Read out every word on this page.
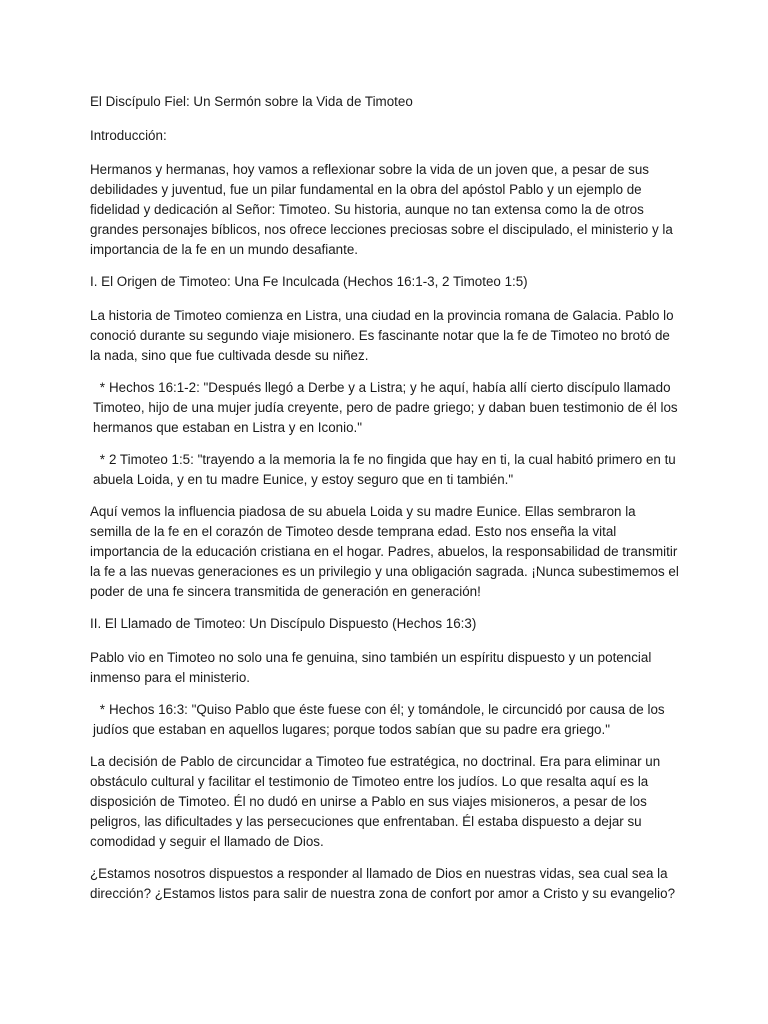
El Discípulo Fiel: Un Sermón sobre la Vida de Timoteo

Introducción:

Hermanos y hermanas, hoy vamos a reflexionar sobre la vida de un joven que, a pesar de sus debilidades y juventud, fue un pilar fundamental en la obra del apóstol Pablo y un ejemplo de fidelidad y dedicación al Señor: Timoteo. Su historia, aunque no tan extensa como la de otros grandes personajes bíblicos, nos ofrece lecciones preciosas sobre el discipulado, el ministerio y la importancia de la fe en un mundo desafiante.

I. El Origen de Timoteo: Una Fe Inculcada (Hechos 16:1-3, 2 Timoteo 1:5)

La historia de Timoteo comienza en Listra, una ciudad en la provincia romana de Galacia. Pablo lo conoció durante su segundo viaje misionero. Es fascinante notar que la fe de Timoteo no brotó de la nada, sino que fue cultivada desde su niñez.

* Hechos 16:1-2: "Después llegó a Derbe y a Listra; y he aquí, había allí cierto discípulo llamado Timoteo, hijo de una mujer judía creyente, pero de padre griego; y daban buen testimonio de él los hermanos que estaban en Listra y en Iconio."

* 2 Timoteo 1:5: "trayendo a la memoria la fe no fingida que hay en ti, la cual habitó primero en tu abuela Loida, y en tu madre Eunice, y estoy seguro que en ti también."

Aquí vemos la influencia piadosa de su abuela Loida y su madre Eunice. Ellas sembraron la semilla de la fe en el corazón de Timoteo desde temprana edad. Esto nos enseña la vital importancia de la educación cristiana en el hogar. Padres, abuelos, la responsabilidad de transmitir la fe a las nuevas generaciones es un privilegio y una obligación sagrada. ¡Nunca subestimemos el poder de una fe sincera transmitida de generación en generación!

II. El Llamado de Timoteo: Un Discípulo Dispuesto (Hechos 16:3)

Pablo vio en Timoteo no solo una fe genuina, sino también un espíritu dispuesto y un potencial inmenso para el ministerio.

* Hechos 16:3: "Quiso Pablo que éste fuese con él; y tomándole, le circuncidó por causa de los judíos que estaban en aquellos lugares; porque todos sabían que su padre era griego."

La decisión de Pablo de circuncidar a Timoteo fue estratégica, no doctrinal. Era para eliminar un obstáculo cultural y facilitar el testimonio de Timoteo entre los judíos. Lo que resalta aquí es la disposición de Timoteo. Él no dudó en unirse a Pablo en sus viajes misioneros, a pesar de los peligros, las dificultades y las persecuciones que enfrentaban. Él estaba dispuesto a dejar su comodidad y seguir el llamado de Dios.

¿Estamos nosotros dispuestos a responder al llamado de Dios en nuestras vidas, sea cual sea la dirección? ¿Estamos listos para salir de nuestra zona de confort por amor a Cristo y su evangelio?
